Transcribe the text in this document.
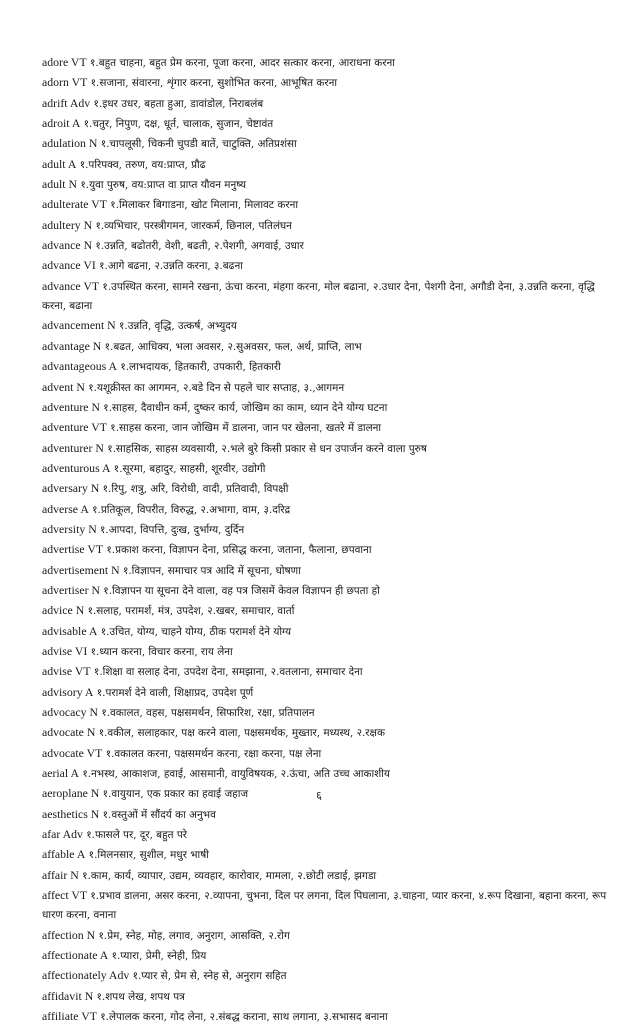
adore VT १.बहुत चाहना, बहुत प्रेम करना, पूजा करना, आदर सत्कार करना, आराधना करना
adorn VT १.सजाना, संवारना, शृंगार करना, सुशोभित करना, आभूषित करना
adrift Adv १.इधर उधर, बहता हुआ, डावांडोल, निराबलंब
adroit A १.चतुर, निपुण, दक्ष, धूर्त, चालाक, सुजान, चेष्टावंत
adulation N १.चापलूसी, चिकनी चुपडी बातें, चाटुक्ति, अतिप्रशंसा
adult A १.परिपक्व, तरुण, वय:प्राप्त, प्रौढ
adult N १.युवा पुरुष, वय:प्राप्त वा प्राप्त यौवन मनुष्य
adulterate VT १.मिलाकर बिगाडना, खोट मिलाना, मिलावट करना
adultery N १.व्यभिचार, परस्त्रीगमन, जारकर्म, छिनाल, पतिलंघन
advance N १.उन्नति, बढोतरी, वेशी, बढती, २.पेशगी, अगवाई, उधार
advance VI १.आगे बढना, २.उन्नति करना, ३.बढना
advance VT १.उपस्थित करना, सामने रखना, ऊंचा करना, मंहगा करना, मोल बढाना, २.उधार देना, पेशगी देना, अगौडी देना, ३.उन्नति करना, वृद्धि करना, बढाना
advancement N १.उन्नति, वृद्धि, उत्कर्ष, अभ्युदय
advantage N १.बढत, आधिक्य, भला अवसर, २.सुअवसर, फल, अर्थ, प्राप्ति, लाभ
advantageous A १.लाभदायक, हितकारी, उपकारी, हितकारी
advent N १.यशूक्रीस्त का आगमन, २.बडे दिन से पहले चार सप्ताह, ३.,आगमन
adventure N १.साहस, दैवाधीन कर्म, दुष्कर कार्य, जोखिम का काम, ध्यान देने योग्य घटना
adventure VT १.साहस करना, जान जोखिम में डालना, जान पर खेलना, खतरे में डालना
adventurer N १.साहसिक, साहस व्यवसायी, २.भले बुरे किसी प्रकार से धन उपार्जन करने वाला पुरुष
adventurous A १.सूरमा, बहादुर, साहसी, शूरवीर, उद्योगी
adversary N १.रिपु, शत्रु, अरि, विरोधी, वादी, प्रतिवादी, विपक्षी
adverse A १.प्रतिकूल, विपरीत, विरुद्ध, २.अभागा, वाम, ३.दरिद्र
adversity N १.आपदा, विपत्ति, दुःख, दुर्भाग्य, दुर्दिन
advertise VT १.प्रकाश करना, विज्ञापन देना, प्रसिद्ध करना, जताना, फैलाना, छपवाना
advertisement N १.विज्ञापन, समाचार पत्र आदि में सूचना, घोषणा
advertiser N १.विज्ञापन या सूचना देने वाला, वह पत्र जिसमें केवल विज्ञापन ही छपता हो
advice N १.सलाह, परामर्श, मंत्र, उपदेश, २.खबर, समाचार, वार्ता
advisable A १.उचित, योग्य, चाहने योग्य, ठीक परामर्श देने योग्य
advise VI १.ध्यान करना, विचार करना, राय लेना
advise VT १.शिक्षा वा सलाह देना, उपदेश देना, समझाना, २.वतलाना, समाचार देना
advisory A १.परामर्श देने वाली, शिक्षाप्रद, उपदेश पूर्ण
advocacy N १.वकालत, वहस, पक्षसमर्थन, सिफारिश, रक्षा, प्रतिपालन
advocate N १.वकील, सलाहकार, पक्ष करने वाला, पक्षसमर्थक, मुख्तार, मध्यस्थ, २.रक्षक
advocate VT १.वकालत करना, पक्षसमर्थन करना, रक्षा करना, पक्ष लेना
aerial A १.नभस्थ, आकाशज, हवाई, आसमानी, वायुविषयक, २.ऊंचा, अति उच्च आकाशीय
aeroplane N १.वायुयान, एक प्रकार का हवाई जहाज
aesthetics N १.वस्तुओं में सौंदर्य का अनुभव
afar Adv १.फासले पर, दूर, बहुत परे
affable A १.मिलनसार, सुशील, मधुर भाषी
affair N १.काम, कार्य, व्यापार, उद्यम, व्यवहार, कारोवार, मामला, २.छोटी लडाई, झगडा
affect VT १.प्रभाव डालना, असर करना, २.व्यापना, चुभना, दिल पर लगना, दिल पिघलाना, ३.चाहना, प्यार करना, ४.रूप दिखाना, बहाना करना, रूप धारण करना, वनाना
affection N १.प्रेम, स्नेह, मोह, लगाव, अनुराग, आसक्ति, २.रोग
affectionate A १.प्यारा, प्रेमी, स्नेही, प्रिय
affectionately Adv १.प्यार से, प्रेम से, स्नेह से, अनुराग सहित
affidavit N १.शपथ लेख, शपथ पत्र
affiliate VT १.लेपालक करना, गोद लेना, २.संबद्ध कराना, साथ लगाना, ३.सभासद बनाना
६
